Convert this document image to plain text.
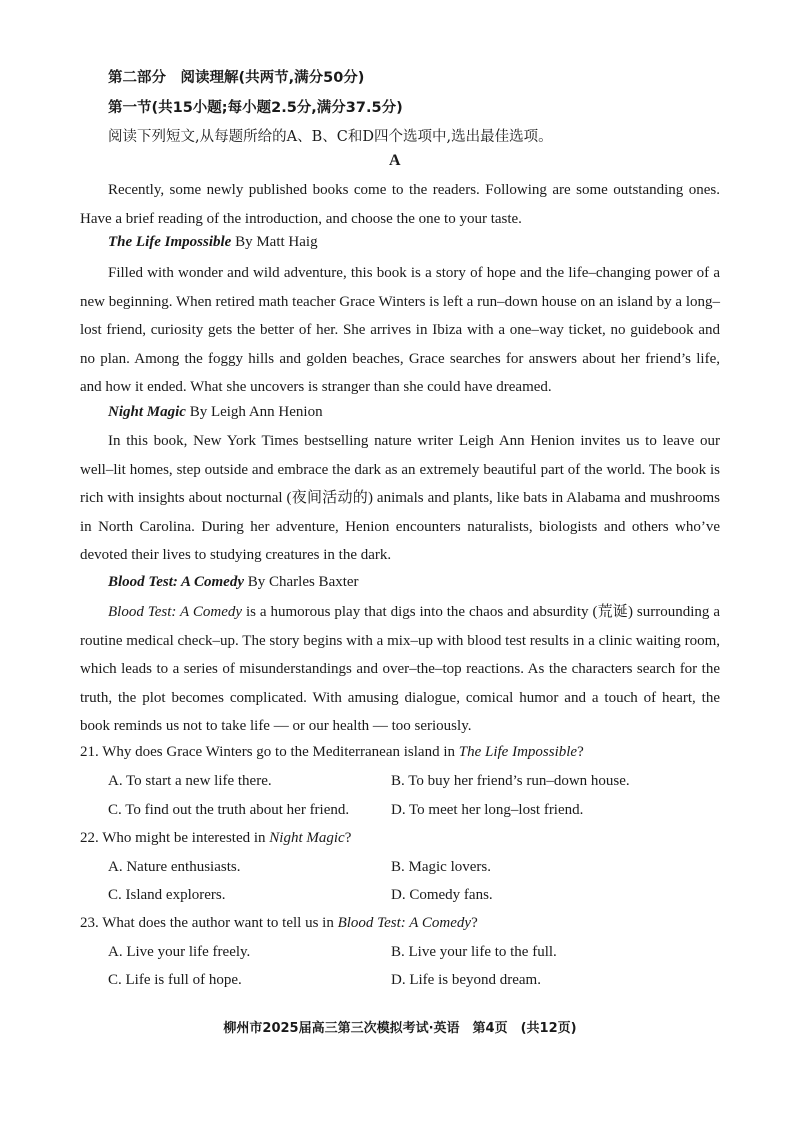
第二部分　阅读理解(共两节,满分50分)
第一节(共15小题;每小题2.5分,满分37.5分)
阅读下列短文,从每题所给的A、B、C和D四个选项中,选出最佳选项。
A

Recently, some newly published books come to the readers. Following are some outstanding ones. Have a brief reading of the introduction, and choose the one to your taste.

The Life Impossible By Matt Haig

Filled with wonder and wild adventure, this book is a story of hope and the life–changing power of a new beginning. When retired math teacher Grace Winters is left a run–down house on an island by a long–lost friend, curiosity gets the better of her. She arrives in Ibiza with a one–way ticket, no guidebook and no plan. Among the foggy hills and golden beaches, Grace searches for answers about her friend’s life, and how it ended. What she uncovers is stranger than she could have dreamed.

Night Magic By Leigh Ann Henion

In this book, New York Times bestselling nature writer Leigh Ann Henion invites us to leave our well–lit homes, step outside and embrace the dark as an extremely beautiful part of the world. The book is rich with insights about nocturnal (夜间活动的) animals and plants, like bats in Alabama and mushrooms in North Carolina. During her adventure, Henion encounters naturalists, biologists and others who’ve devoted their lives to studying creatures in the dark.

Blood Test: A Comedy By Charles Baxter

Blood Test: A Comedy is a humorous play that digs into the chaos and absurdity (荒诞) surrounding a routine medical check–up. The story begins with a mix–up with blood test results in a clinic waiting room, which leads to a series of misunderstandings and over–the–top reactions. As the characters search for the truth, the plot becomes complicated. With amusing dialogue, comical humor and a touch of heart, the book reminds us not to take life — or our health — too seriously.

21. Why does Grace Winters go to the Mediterranean island in The Life Impossible?
A. To start a new life there.	B. To buy her friend’s run–down house.
C. To find out the truth about her friend.	D. To meet her long–lost friend.
22. Who might be interested in Night Magic?
A. Nature enthusiasts.	B. Magic lovers.
C. Island explorers.	D. Comedy fans.
23. What does the author want to tell us in Blood Test: A Comedy?
A. Live your life freely.	B. Live your life to the full.
C. Life is full of hope.	D. Life is beyond dream.
柳州市2025届高三第三次模拟考试·英语　第4页　(共12页)
